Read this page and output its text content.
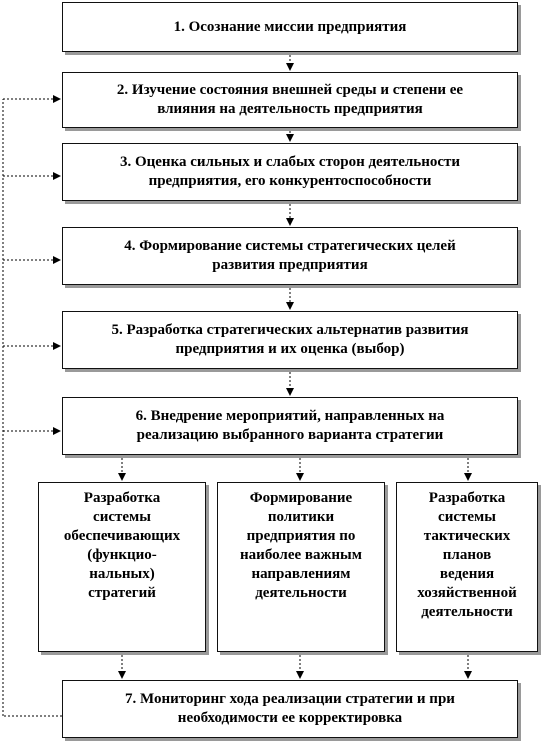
1. Осознание миссии предприятия
2. Изучение состояния внешней среды и степени ее
влияния на деятельность предприятия
3. Оценка сильных и слабых сторон деятельности
предприятия, его конкурентоспособности
4. Формирование системы стратегических целей
развития предприятия
5. Разработка стратегических альтернатив развития
предприятия и их оценка (выбор)
6. Внедрение мероприятий, направленных на
реализацию выбранного варианта стратегии
Разработка
системы
обеспечивающих
(функцио-
нальных)
стратегий
Формирование
политики
предприятия по
наиболее важным
направлениям
деятельности
Разработка
системы
тактических
планов
ведения
хозяйственной
деятельности
7. Мониторинг хода реализации стратегии и при
необходимости ее корректировка
